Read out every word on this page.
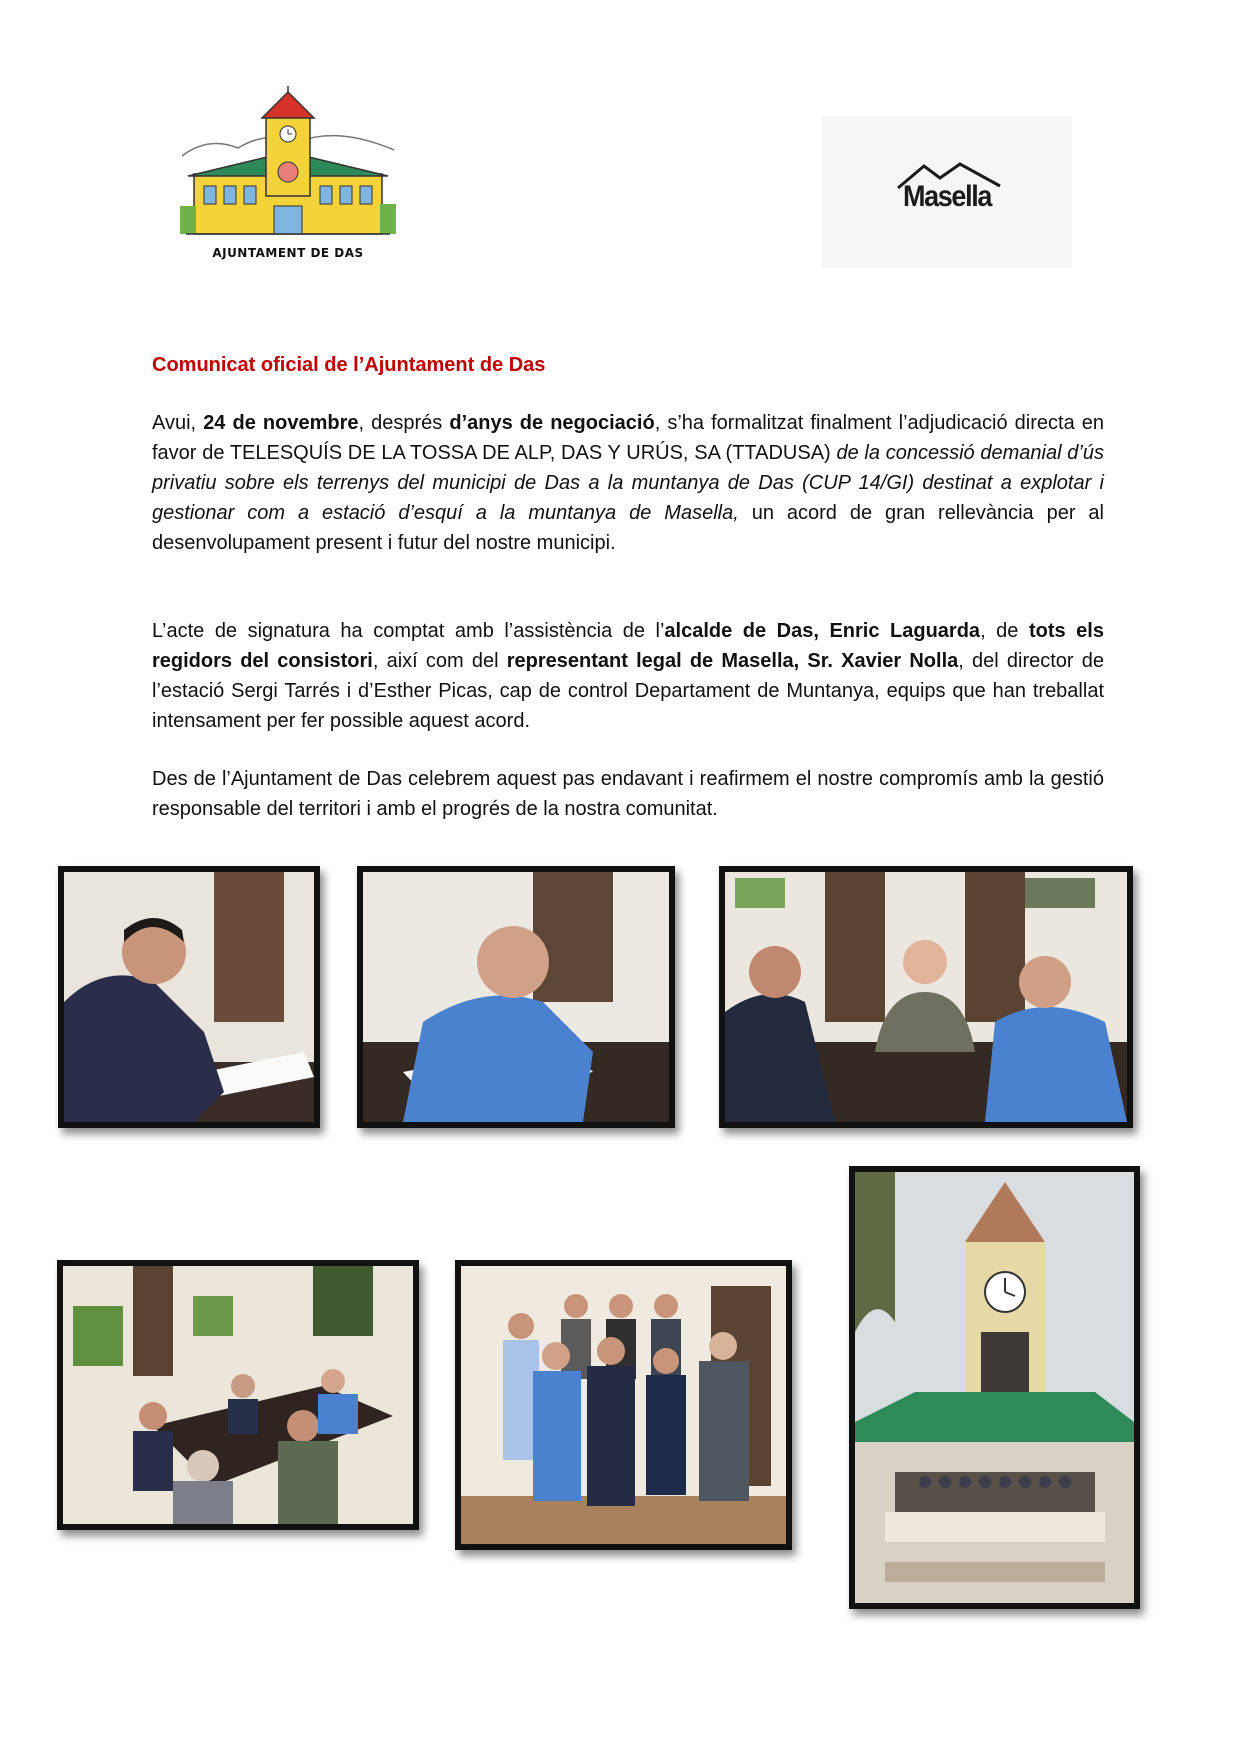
AJUNTAMENT DE DAS
Masella
Comunicat oficial de l’Ajuntament de Das

Avui, 24 de novembre, després d’anys de negociació, s’ha formalitzat finalment l’adjudicació directa en favor de TELESQUÍS DE LA TOSSA DE ALP, DAS Y URÚS, SA (TTADUSA) de la concessió demanial d’ús privatiu sobre els terrenys del municipi de Das a la muntanya de Das (CUP 14/GI) destinat a explotar i gestionar com a estació d’esquí a la muntanya de Masella, un acord de gran rellevància per al desenvolupament present i futur del nostre municipi.

L’acte de signatura ha comptat amb l’assistència de l’alcalde de Das, Enric Laguarda, de tots els regidors del consistori, així com del representant legal de Masella, Sr. Xavier Nolla, del director de l’estació Sergi Tarrés i d’Esther Picas, cap de control Departament de Muntanya, equips que han treballat intensament per fer possible aquest acord.

Des de l’Ajuntament de Das celebrem aquest pas endavant i reafirmem el nostre compromís amb la gestió responsable del territori i amb el progrés de la nostra comunitat.
